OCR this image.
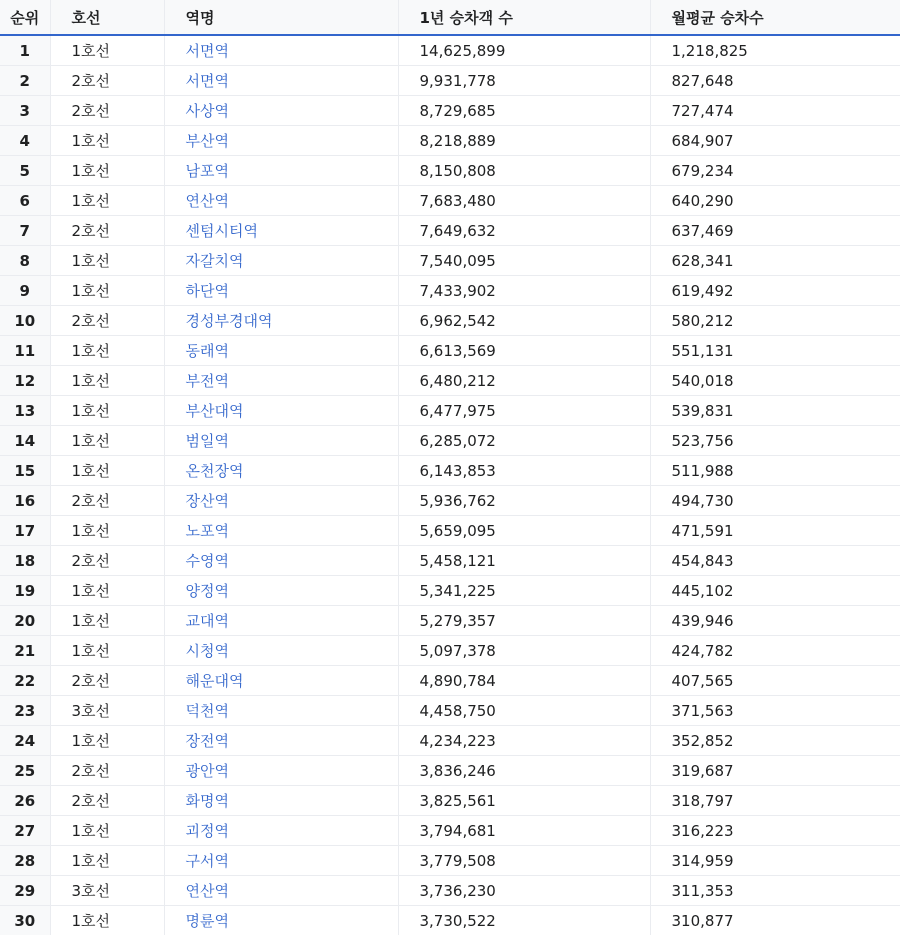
순위	호선	역명	1년 승차객 수	월평균 승차수
1	1호선	서면역	14,625,899	1,218,825
2	2호선	서면역	9,931,778	827,648
3	2호선	사상역	8,729,685	727,474
4	1호선	부산역	8,218,889	684,907
5	1호선	남포역	8,150,808	679,234
6	1호선	연산역	7,683,480	640,290
7	2호선	센텀시티역	7,649,632	637,469
8	1호선	자갈치역	7,540,095	628,341
9	1호선	하단역	7,433,902	619,492
10	2호선	경성부경대역	6,962,542	580,212
11	1호선	동래역	6,613,569	551,131
12	1호선	부전역	6,480,212	540,018
13	1호선	부산대역	6,477,975	539,831
14	1호선	범일역	6,285,072	523,756
15	1호선	온천장역	6,143,853	511,988
16	2호선	장산역	5,936,762	494,730
17	1호선	노포역	5,659,095	471,591
18	2호선	수영역	5,458,121	454,843
19	1호선	양정역	5,341,225	445,102
20	1호선	교대역	5,279,357	439,946
21	1호선	시청역	5,097,378	424,782
22	2호선	해운대역	4,890,784	407,565
23	3호선	덕천역	4,458,750	371,563
24	1호선	장전역	4,234,223	352,852
25	2호선	광안역	3,836,246	319,687
26	2호선	화명역	3,825,561	318,797
27	1호선	괴정역	3,794,681	316,223
28	1호선	구서역	3,779,508	314,959
29	3호선	연산역	3,736,230	311,353
30	1호선	명륜역	3,730,522	310,877
